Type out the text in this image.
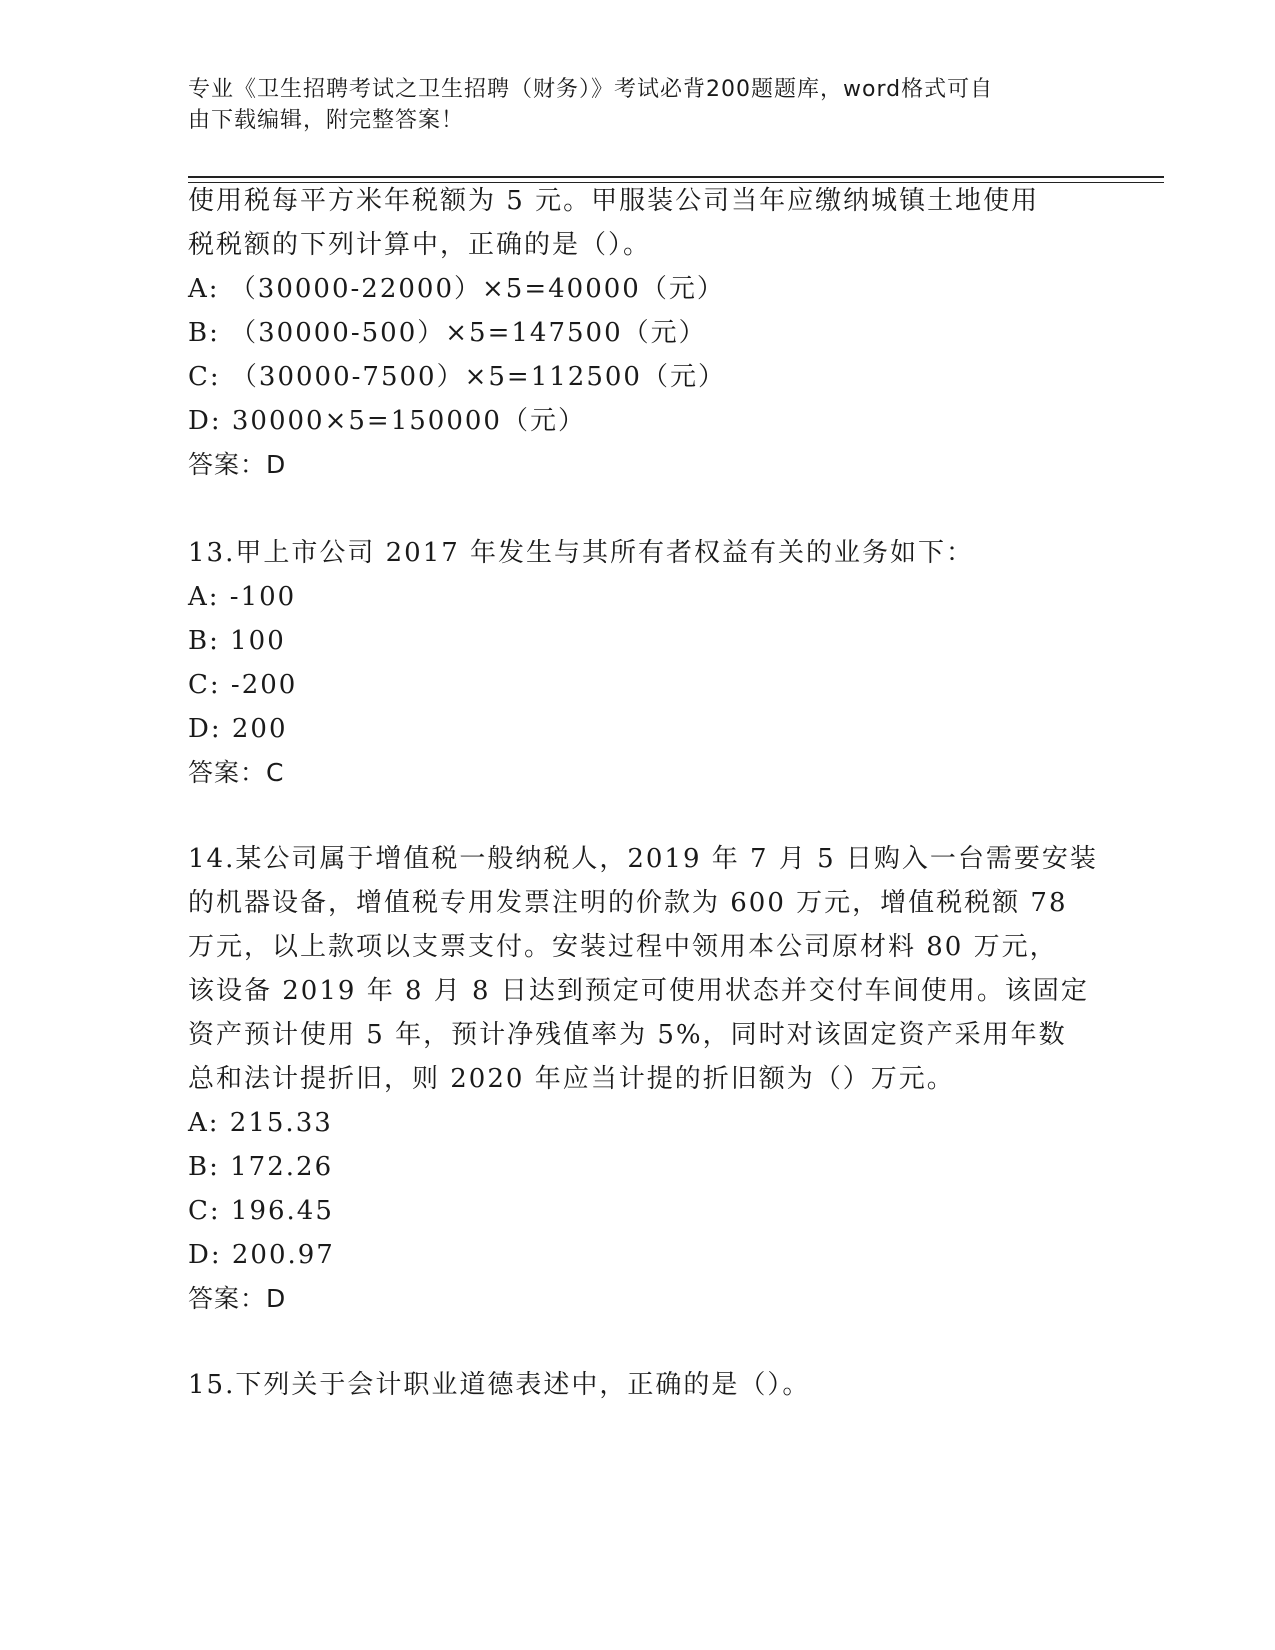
专业《卫生招聘考试之卫生招聘（财务）》考试必背200题题库，word格式可自
由下载编辑，附完整答案！
使用税每平方米年税额为 5 元。甲服装公司当年应缴纳城镇土地使用
税税额的下列计算中，正确的是（）。
A: （30000-22000）×5=40000（元）
B: （30000-500）×5=147500（元）
C: （30000-7500）×5=112500（元）
D: 30000×5=150000（元）
答案：D
13.甲上市公司 2017 年发生与其所有者权益有关的业务如下：
A: -100
B: 100
C: -200
D: 200
答案：C
14.某公司属于增值税一般纳税人，2019 年 7 月 5 日购入一台需要安装
的机器设备，增值税专用发票注明的价款为 600 万元，增值税税额 78
万元，以上款项以支票支付。安装过程中领用本公司原材料 80 万元，
该设备 2019 年 8 月 8 日达到预定可使用状态并交付车间使用。该固定
资产预计使用 5 年，预计净残值率为 5%，同时对该固定资产采用年数
总和法计提折旧，则 2020 年应当计提的折旧额为（）万元。
A: 215.33
B: 172.26
C: 196.45
D: 200.97
答案：D
15.下列关于会计职业道德表述中，正确的是（）。
